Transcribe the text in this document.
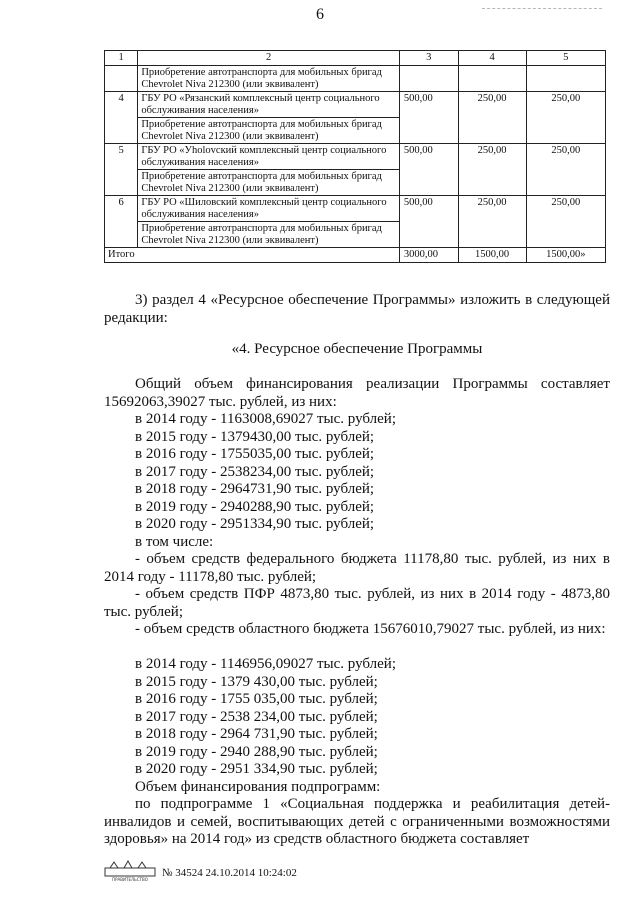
6
1	2	3	4	5
	Приобретение автотранспорта для мобильных бригад Chevrolet Niva 212300 (или эквивалент)			
4	ГБУ РО «Рязанский комплексный центр социального обслуживания населения»	500,00	250,00	250,00
	Приобретение автотранспорта для мобильных бригад Chevrolet Niva 212300 (или эквивалент)			
5	ГБУ РО «Уholovский комплексный центр социального обслуживания населения»	500,00	250,00	250,00
	Приобретение автотранспорта для мобильных бригад Chevrolet Niva 212300 (или эквивалент)			
6	ГБУ РО «Шиловский комплексный центр социального обслуживания населения»	500,00	250,00	250,00
	Приобретение автотранспорта для мобильных бригад Chevrolet Niva 212300 (или эквивалент)			
Итого		3000,00	1500,00	1500,00»
3) раздел 4 «Ресурсное обеспечение Программы» изложить в следующей редакции:
«4. Ресурсное обеспечение Программы
Общий объем финансирования реализации Программы составляет 15692063,39027 тыс. рублей, из них:
в 2014 году - 1163008,69027 тыс. рублей;
в 2015 году - 1379430,00 тыс. рублей;
в 2016 году - 1755035,00 тыс. рублей;
в 2017 году - 2538234,00 тыс. рублей;
в 2018 году - 2964731,90 тыс. рублей;
в 2019 году - 2940288,90 тыс. рублей;
в 2020 году - 2951334,90 тыс. рублей;
в том числе:
- объем средств федерального бюджета 11178,80 тыс. рублей, из них в 2014 году - 11178,80 тыс. рублей;
- объем средств ПФР 4873,80 тыс. рублей, из них в 2014 году - 4873,80 тыс. рублей;
- объем средств областного бюджета 15676010,79027 тыс. рублей, из них:
в 2014 году - 1146956,09027 тыс. рублей;
в 2015 году - 1379 430,00 тыс. рублей;
в 2016 году - 1755 035,00 тыс. рублей;
в 2017 году - 2538 234,00 тыс. рублей;
в 2018 году - 2964 731,90 тыс. рублей;
в 2019 году - 2940 288,90 тыс. рублей;
в 2020 году - 2951 334,90 тыс. рублей;
Объем финансирования подпрограмм:
по подпрограмме 1 «Социальная поддержка и реабилитация детей-инвалидов и семей, воспитывающих детей с ограниченными возможностями здоровья» на 2014 год» из средств областного бюджета составляет
ПРАВИТЕЛЬСТВО
№ 34524 24.10.2014 10:24:02
